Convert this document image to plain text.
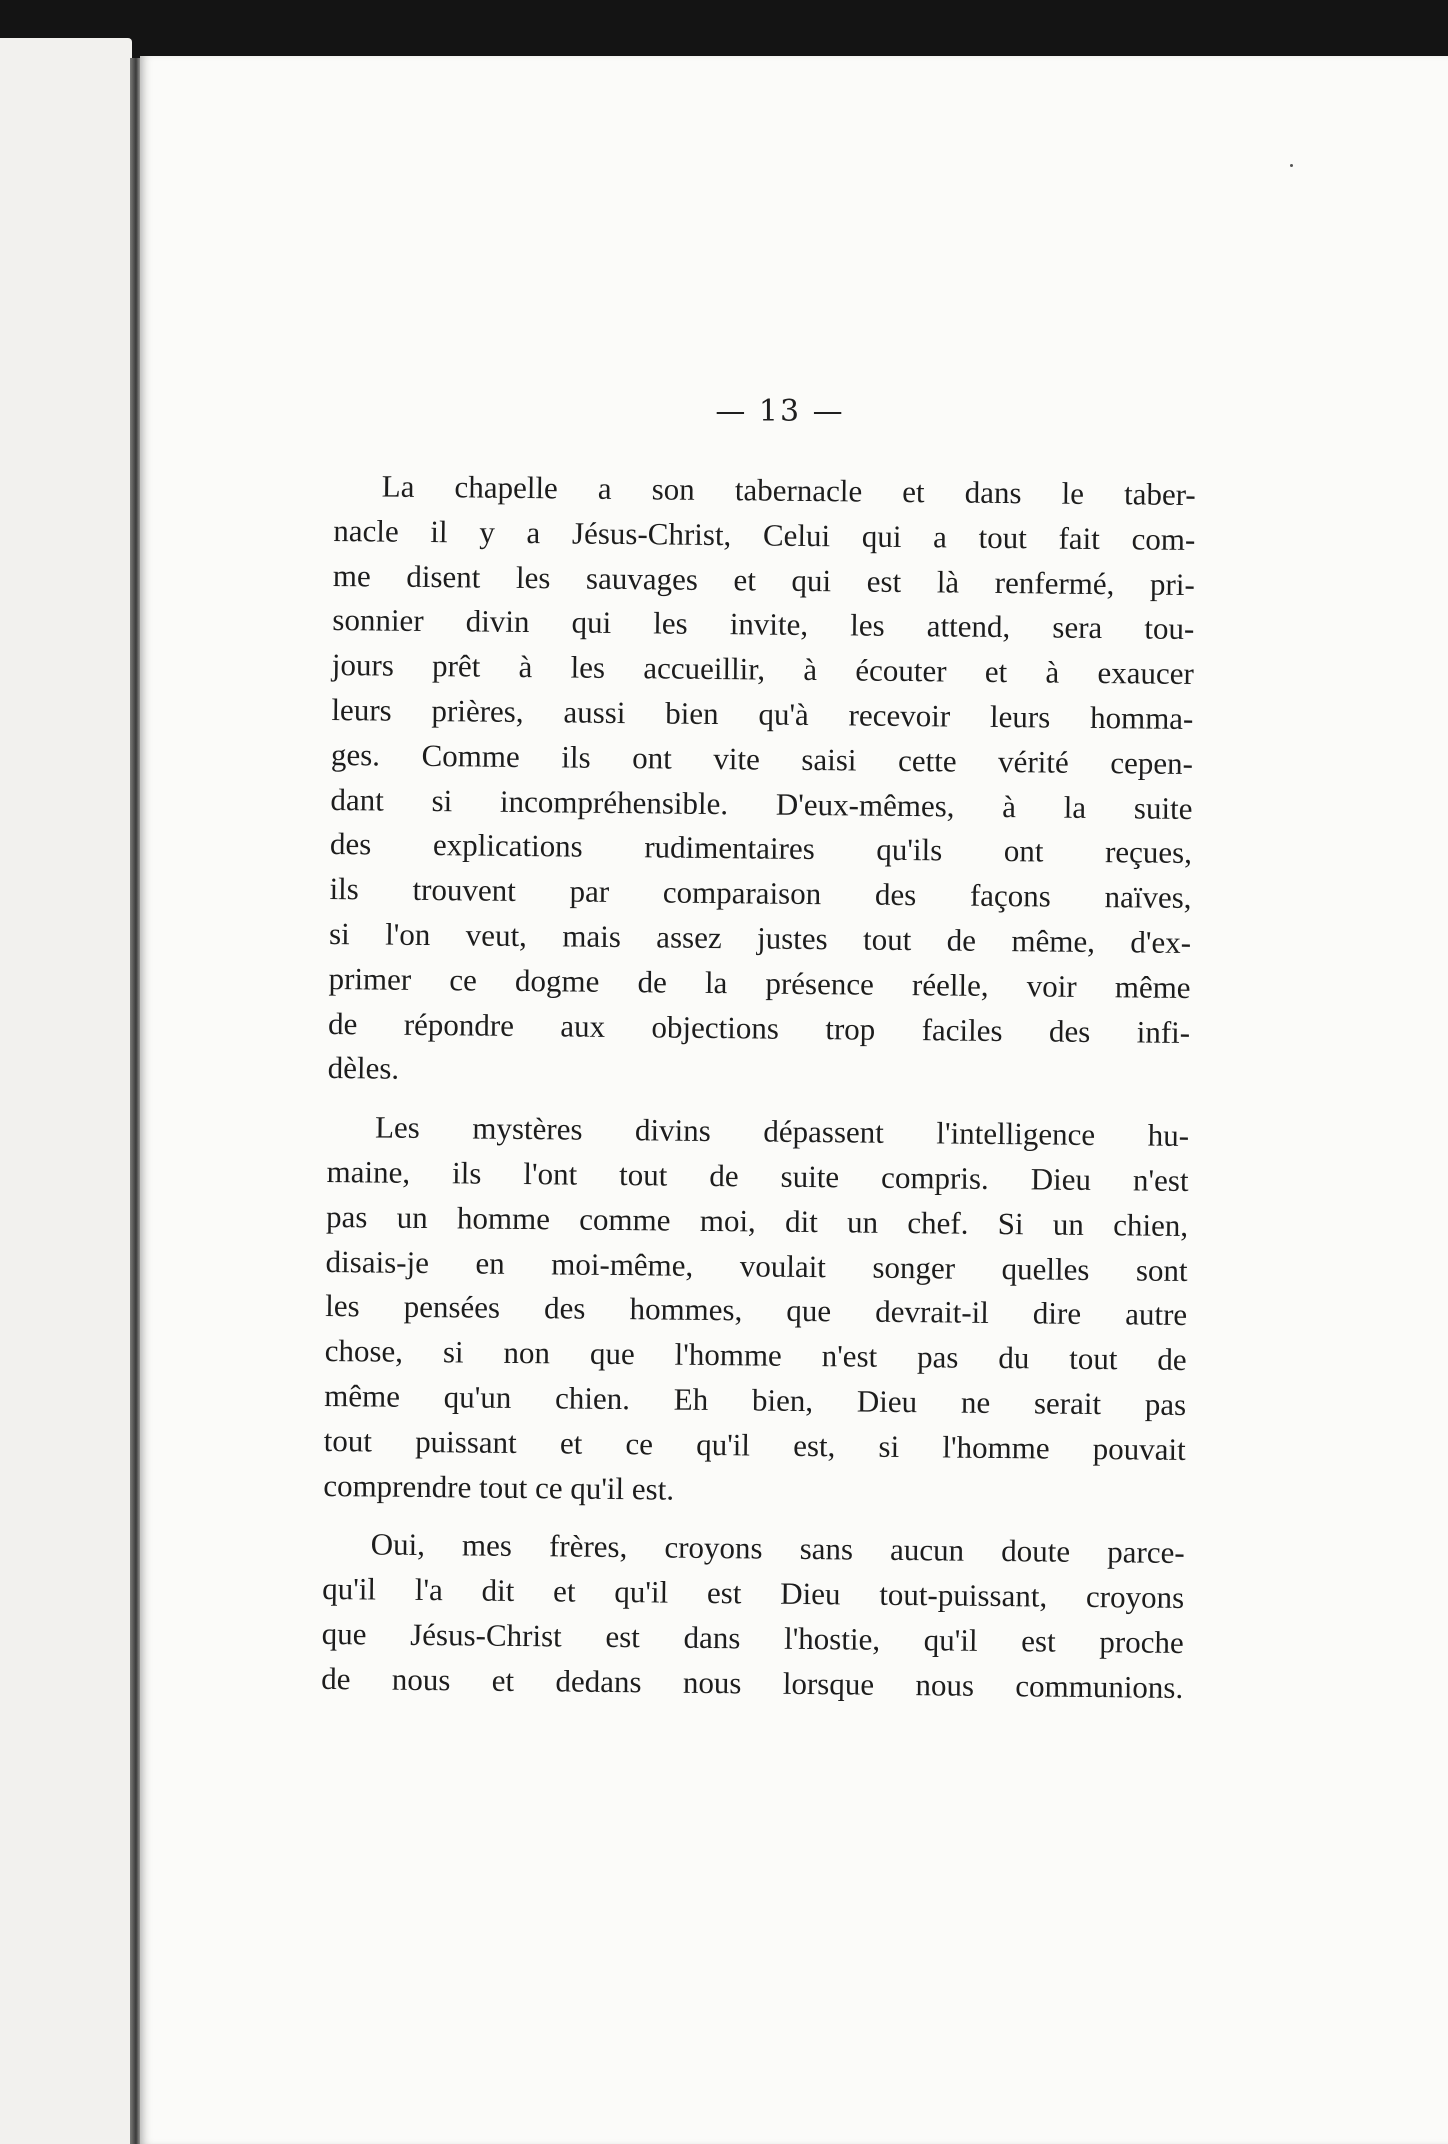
— 13 —
La chapelle a son tabernacle et dans le taber-
nacle il y a Jésus-Christ, Celui qui a tout fait com-
me disent les sauvages et qui est là renfermé, pri-
sonnier divin qui les invite, les attend, sera tou-
jours prêt à les accueillir, à écouter et à exaucer
leurs prières, aussi bien qu'à recevoir leurs homma-
ges. Comme ils ont vite saisi cette vérité cepen-
dant si incompréhensible. D'eux-mêmes, à la suite
des explications rudimentaires qu'ils ont reçues,
ils trouvent par comparaison des façons naïves,
si l'on veut, mais assez justes tout de même, d'ex-
primer ce dogme de la présence réelle, voir même
de répondre aux objections trop faciles des infi-
dèles.
Les mystères divins dépassent l'intelligence hu-
maine, ils l'ont tout de suite compris. Dieu n'est
pas un homme comme moi, dit un chef. Si un chien,
disais-je en moi-même, voulait songer quelles sont
les pensées des hommes, que devrait-il dire autre
chose, si non que l'homme n'est pas du tout de
même qu'un chien. Eh bien, Dieu ne serait pas
tout puissant et ce qu'il est, si l'homme pouvait
comprendre tout ce qu'il est.
Oui, mes frères, croyons sans aucun doute parce-
qu'il l'a dit et qu'il est Dieu tout-puissant, croyons
que Jésus-Christ est dans l'hostie, qu'il est proche
de nous et dedans nous lorsque nous communions.
